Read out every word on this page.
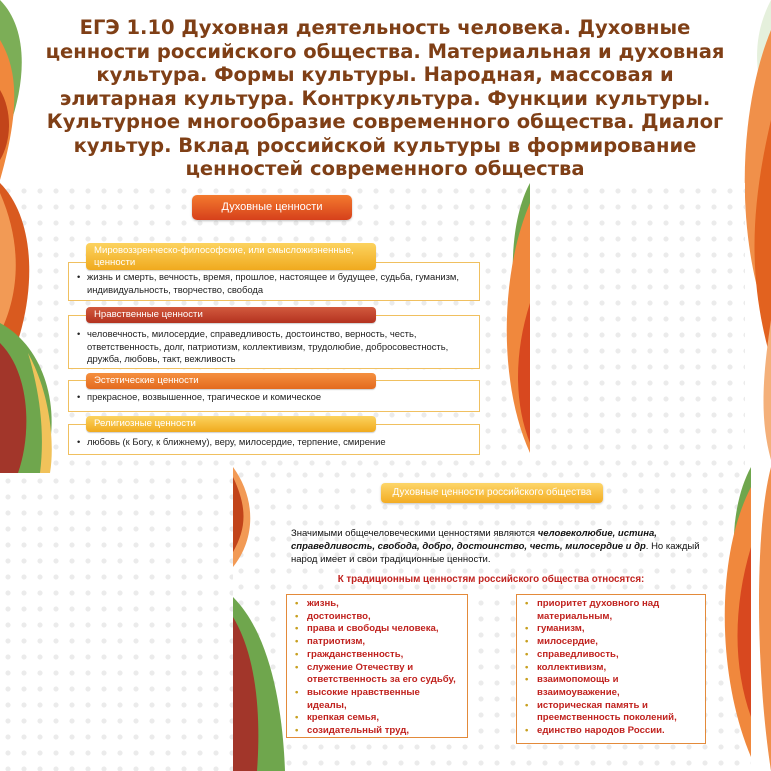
ЕГЭ 1.10 Духовная деятельность человека. Духовные ценности российского общества. Материальная и духовная культура. Формы культуры. Народная, массовая и элитарная культура. Контркультура. Функции культуры. Культурное многообразие современного общества. Диалог культур. Вклад российской культуры в формирование ценностей современного общества
Духовные ценности
• жизнь и смерть, вечность, время, прошлое, настоящее и будущее, судьба, гуманизм, индивидуальность, творчество, свобода
Мировоззренческо-философские, или смысложизненные, ценности
• человечность, милосердие, справедливость, достоинство, верность, честь, ответственность, долг, патриотизм, коллективизм, трудолюбие, добросовестность, дружба, любовь, такт, вежливость
Нравственные ценности
• прекрасное, возвышенное, трагическое и комическое
Эстетические ценности
• любовь (к Богу, к ближнему), веру, милосердие, терпение, смирение
Религиозные ценности
Духовные ценности российского общества
Значимыми общечеловеческими ценностями являются человеколюбие, истина, справедливость, свобода, добро, достоинство, честь, милосердие и др. Но каждый народ имеет и свои традиционные ценности.
К традиционным ценностям российского общества относятся:
• жизнь,
• достоинство,
• права и свободы человека,
• патриотизм,
• гражданственность,
• служение Отечеству и ответственность за его судьбу,
• высокие нравственные идеалы,
• крепкая семья,
• созидательный труд,
• приоритет духовного над материальным,
• гуманизм,
• милосердие,
• справедливость,
• коллективизм,
• взаимопомощь и взаимоуважение,
• историческая память и преемственность поколений,
• единство народов России.
